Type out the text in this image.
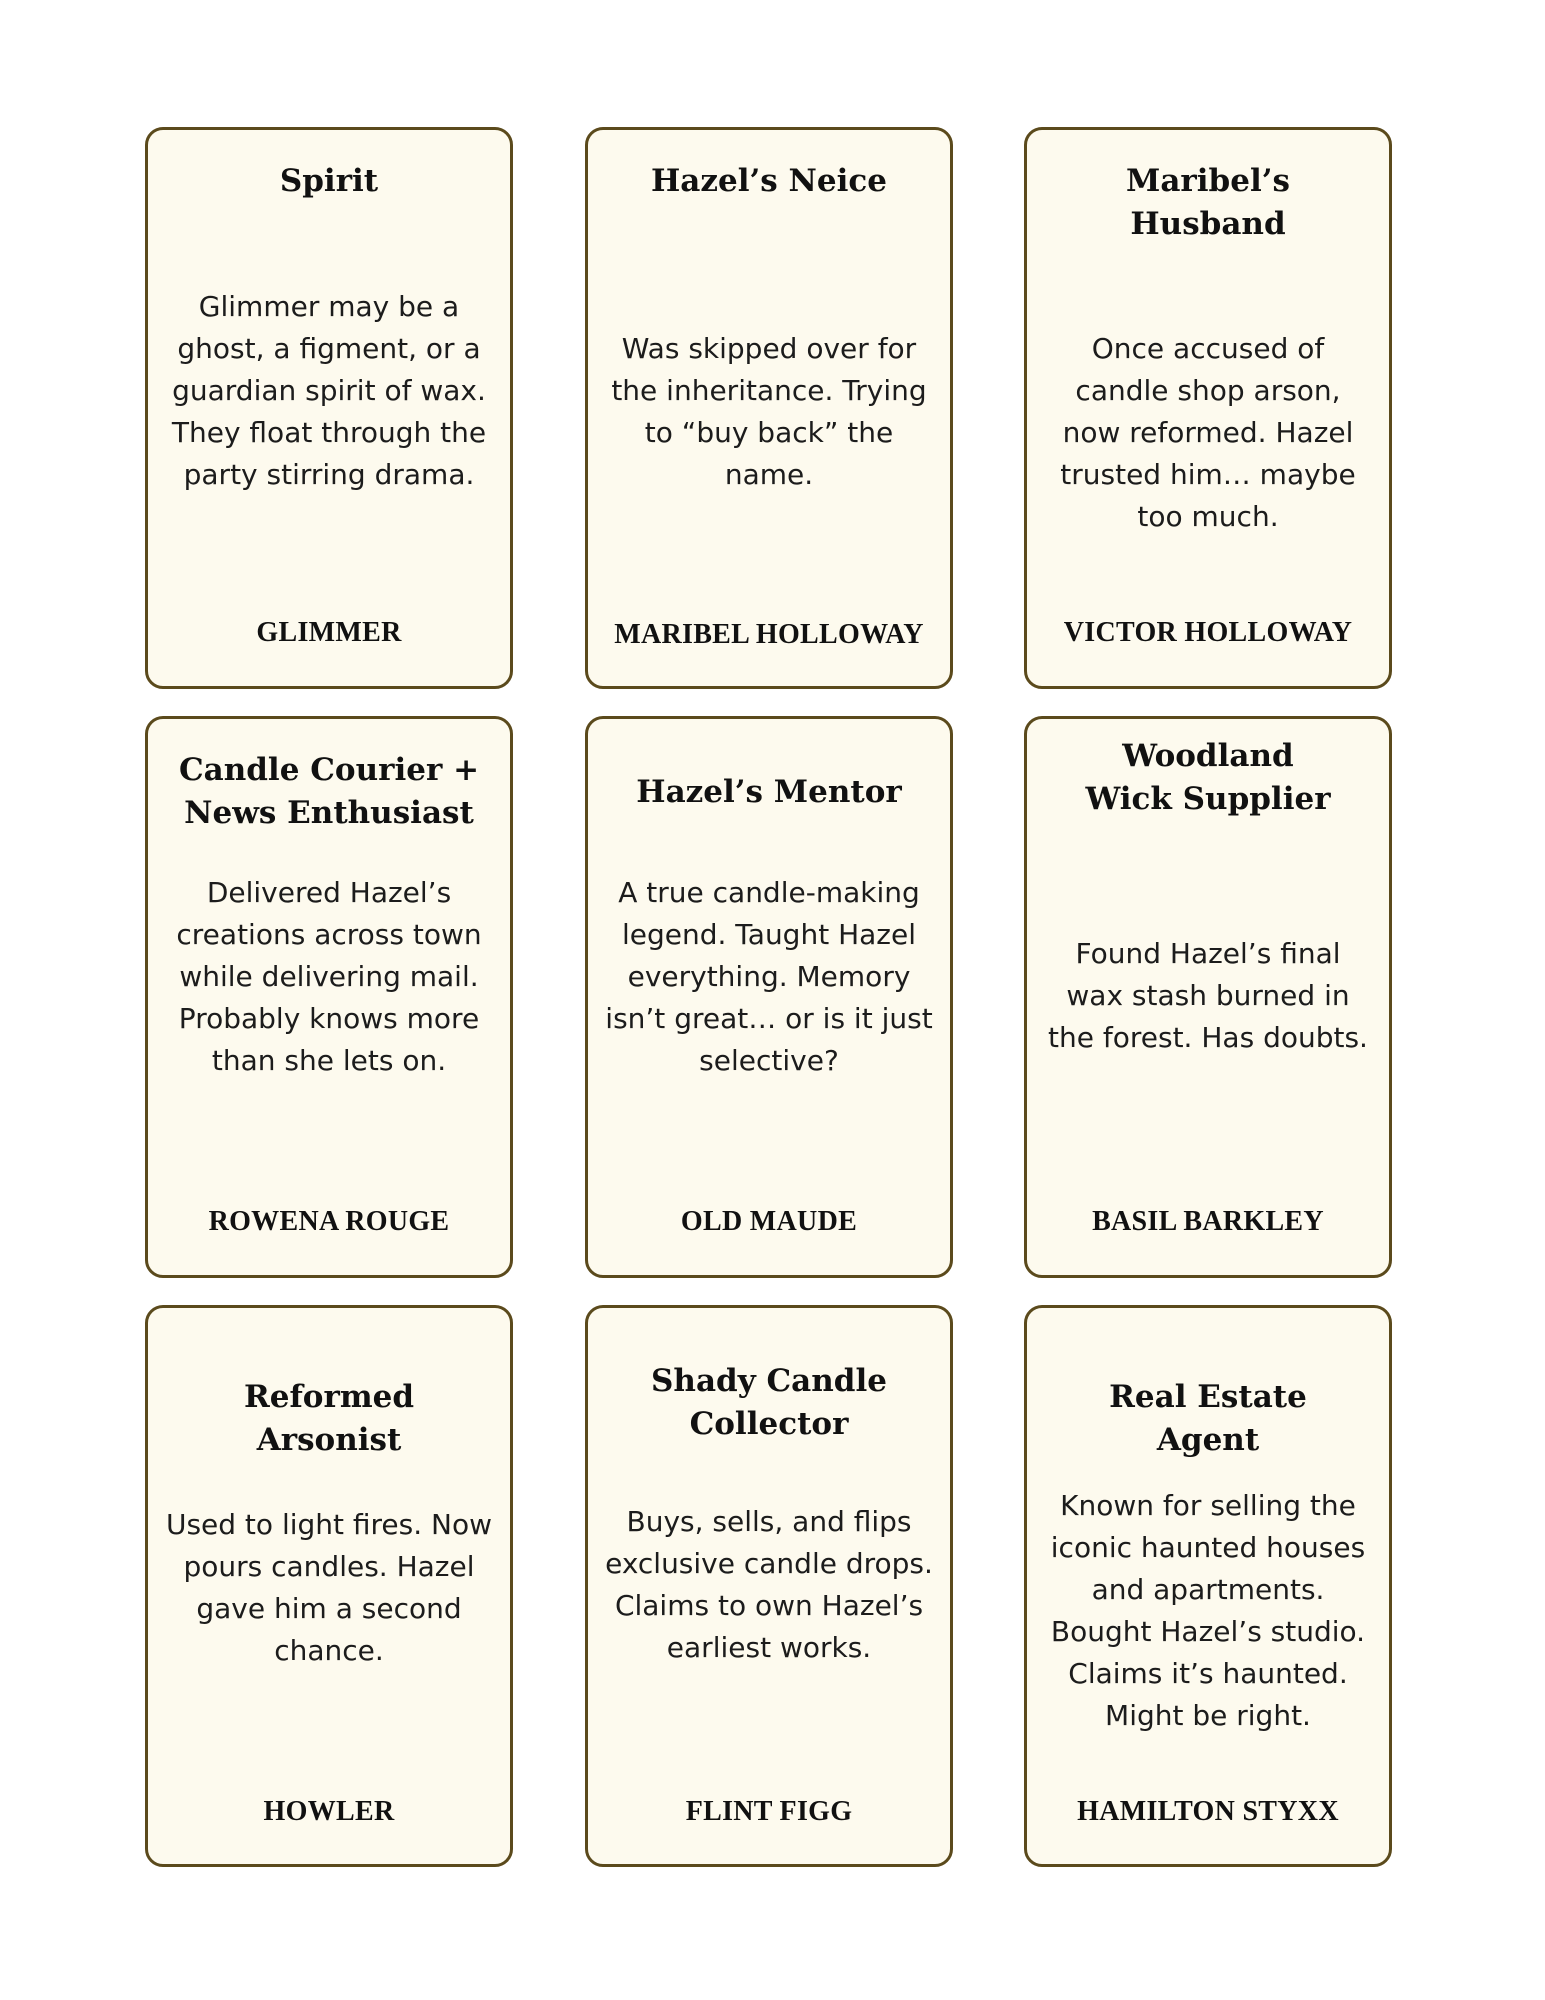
Spirit
Glimmer may be a ghost, a figment, or a guardian spirit of wax. They float through the party stirring drama.
GLIMMER
Hazel’s Neice
Was skipped over for the inheritance. Trying to “buy back” the name.
MARIBEL HOLLOWAY
Maribel’s
Husband
Once accused of candle shop arson, now reformed. Hazel trusted him… maybe too much.
VICTOR HOLLOWAY
Candle Courier +
News Enthusiast
Delivered Hazel’s creations across town while delivering mail. Probably knows more than she lets on.
ROWENA ROUGE
Hazel’s Mentor
A true candle-making legend. Taught Hazel everything. Memory isn’t great… or is it just selective?
OLD MAUDE
Woodland
Wick Supplier
Found Hazel’s final wax stash burned in the forest. Has doubts.
BASIL BARKLEY
Reformed
Arsonist
Used to light fires. Now pours candles. Hazel gave him a second chance.
HOWLER
Shady Candle
Collector
Buys, sells, and flips exclusive candle drops. Claims to own Hazel’s earliest works.
FLINT FIGG
Real Estate
Agent
Known for selling the iconic haunted houses and apartments. Bought Hazel’s studio. Claims it’s haunted. Might be right.
HAMILTON STYXX
